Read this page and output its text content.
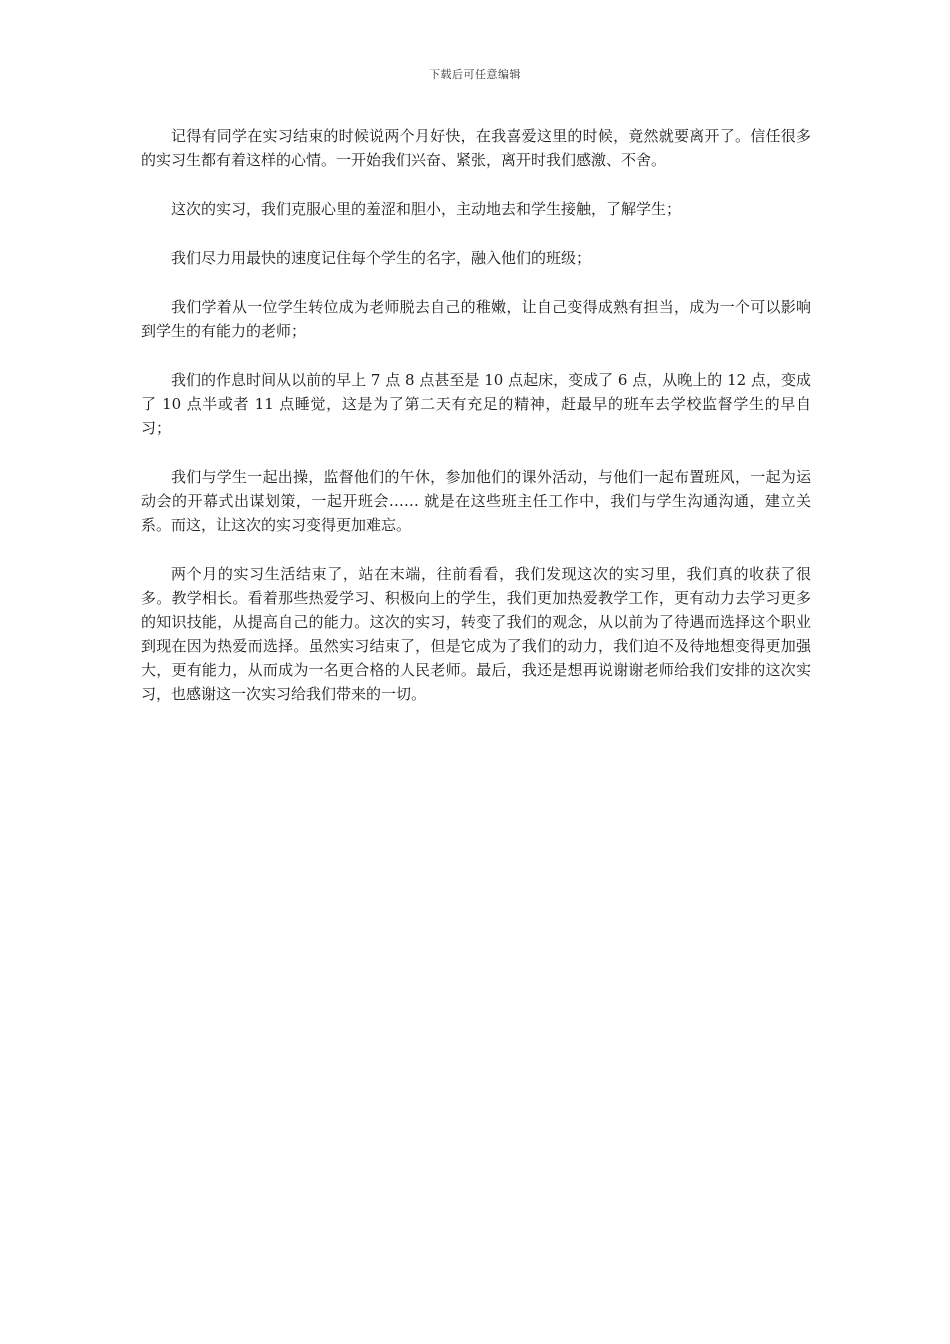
下载后可任意编辑

记得有同学在实习结束的时候说两个月好快，在我喜爱这里的时候，竟然就要离开了。信任很多的实习生都有着这样的心情。一开始我们兴奋、紧张，离开时我们感激、不舍。

这次的实习，我们克服心里的羞涩和胆小，主动地去和学生接触，了解学生；

我们尽力用最快的速度记住每个学生的名字，融入他们的班级；

我们学着从一位学生转位成为老师脱去自己的稚嫩，让自己变得成熟有担当，成为一个可以影响到学生的有能力的老师；

我们的作息时间从以前的早上 7 点 8 点甚至是 10 点起床，变成了 6 点，从晚上的 12 点，变成了 10 点半或者 11 点睡觉，这是为了第二天有充足的精神，赶最早的班车去学校监督学生的早自习；

我们与学生一起出操，监督他们的午休，参加他们的课外活动，与他们一起布置班风，一起为运动会的开幕式出谋划策，一起开班会…… 就是在这些班主任工作中，我们与学生沟通沟通，建立关系。而这，让这次的实习变得更加难忘。

两个月的实习生活结束了，站在末端，往前看看，我们发现这次的实习里，我们真的收获了很多。教学相长。看着那些热爱学习、积极向上的学生，我们更加热爱教学工作，更有动力去学习更多的知识技能，从提高自己的能力。这次的实习，转变了我们的观念，从以前为了待遇而选择这个职业到现在因为热爱而选择。虽然实习结束了，但是它成为了我们的动力，我们迫不及待地想变得更加强大，更有能力，从而成为一名更合格的人民老师。最后，我还是想再说谢谢老师给我们安排的这次实习，也感谢这一次实习给我们带来的一切。
